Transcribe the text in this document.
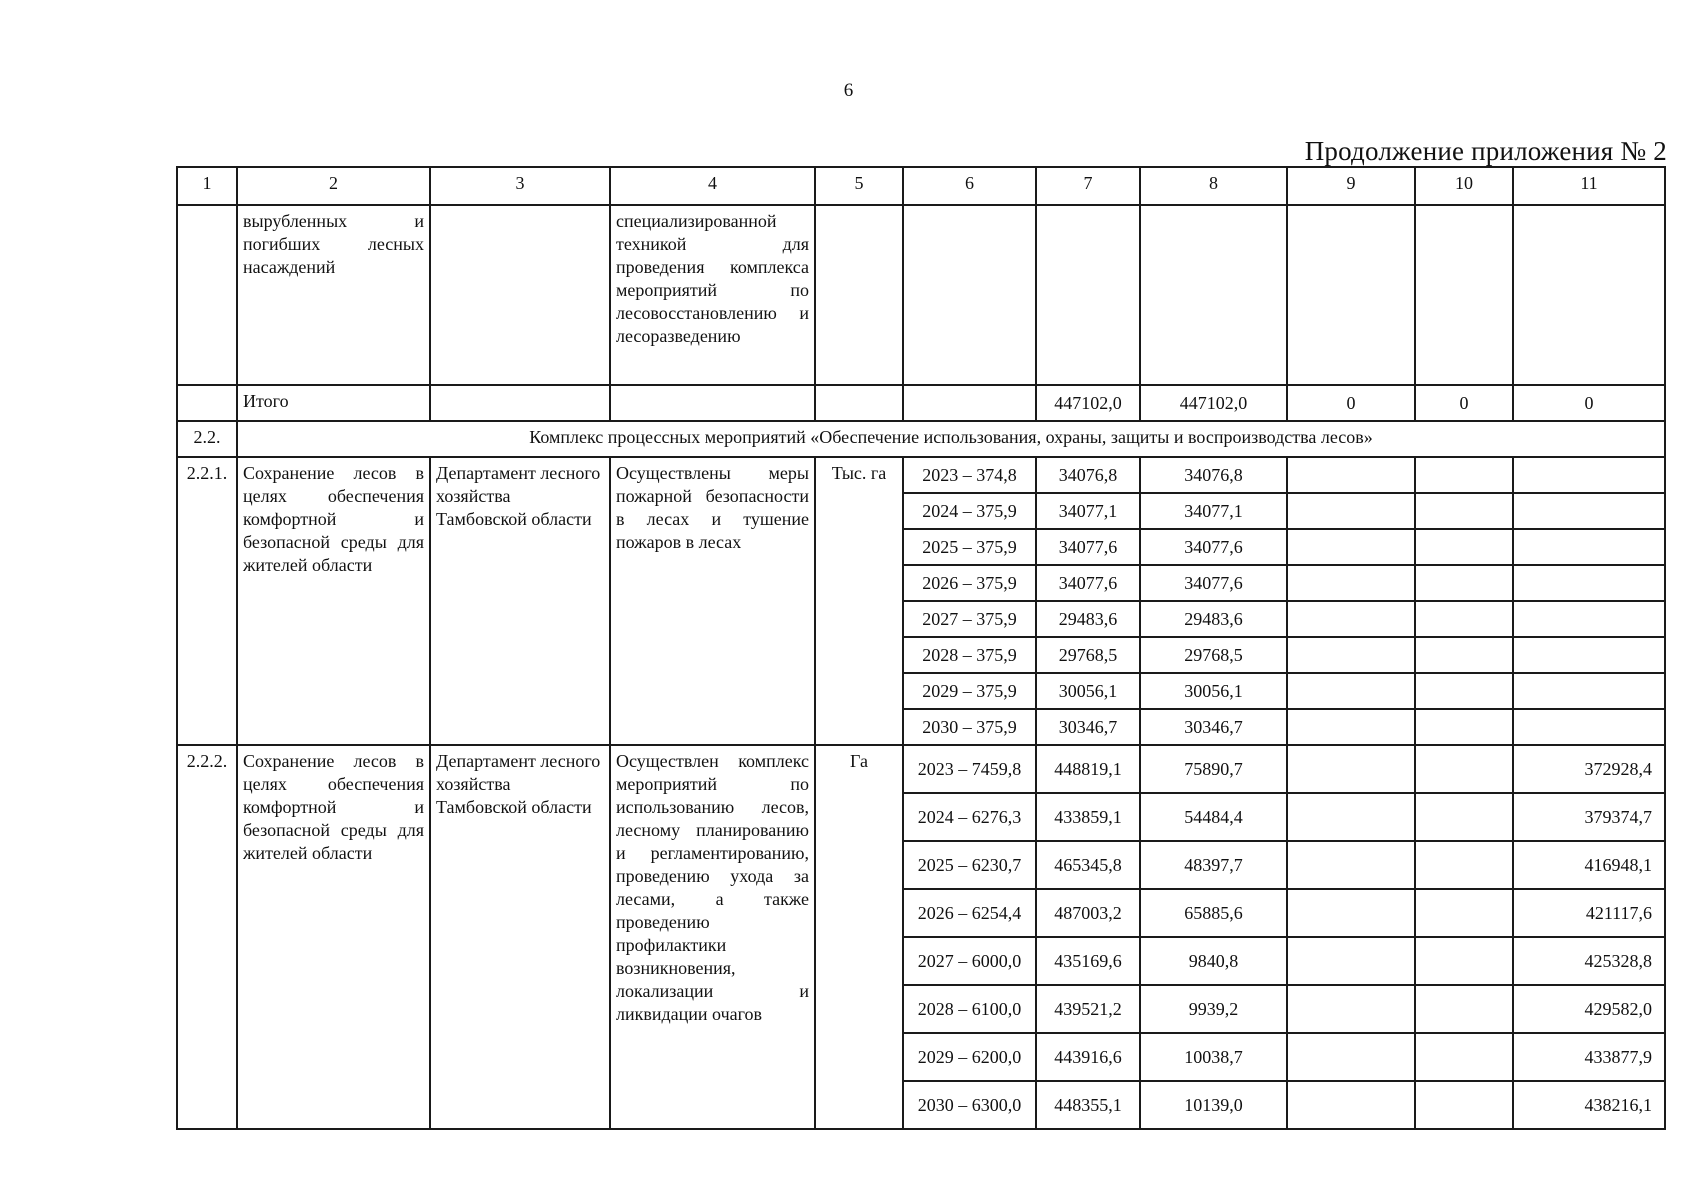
6
Продолжение приложения № 2
1	2	3	4	5	6	7	8	9	10	11
	вырубленных и погибших лесных насаждений		специализированной техникой для проведения комплекса мероприятий по лесовосстановлению и лесоразведению							
	Итого					447102,0	447102,0	0	0	0
2.2.	Комплекс процессных мероприятий «Обеспечение использования, охраны, защиты и воспроизводства лесов»									
2.2.1.	Сохранение лесов в целях обеспечения комфортной и безопасной среды для жителей области	Департамент лесного хозяйства Тамбовской области	Осуществлены меры пожарной безопасности в лесах и тушение пожаров в лесах	Тыс. га	2023 – 374,8	34076,8	34076,8			
					2024 – 375,9	34077,1	34077,1			
					2025 – 375,9	34077,6	34077,6			
					2026 – 375,9	34077,6	34077,6			
					2027 – 375,9	29483,6	29483,6			
					2028 – 375,9	29768,5	29768,5			
					2029 – 375,9	30056,1	30056,1			
					2030 – 375,9	30346,7	30346,7			
2.2.2.	Сохранение лесов в целях обеспечения комфортной и безопасной среды для жителей области	Департамент лесного хозяйства Тамбовской области	Осуществлен комплекс мероприятий по использованию лесов, лесному планированию и регламентированию, проведению ухода за лесами, а также проведению профилактики возникновения, локализации и ликвидации очагов	Га	2023 – 7459,8	448819,1	75890,7			372928,4
					2024 – 6276,3	433859,1	54484,4			379374,7
					2025 – 6230,7	465345,8	48397,7			416948,1
					2026 – 6254,4	487003,2	65885,6			421117,6
					2027 – 6000,0	435169,6	9840,8			425328,8
					2028 – 6100,0	439521,2	9939,2			429582,0
					2029 – 6200,0	443916,6	10038,7			433877,9
					2030 – 6300,0	448355,1	10139,0			438216,1
